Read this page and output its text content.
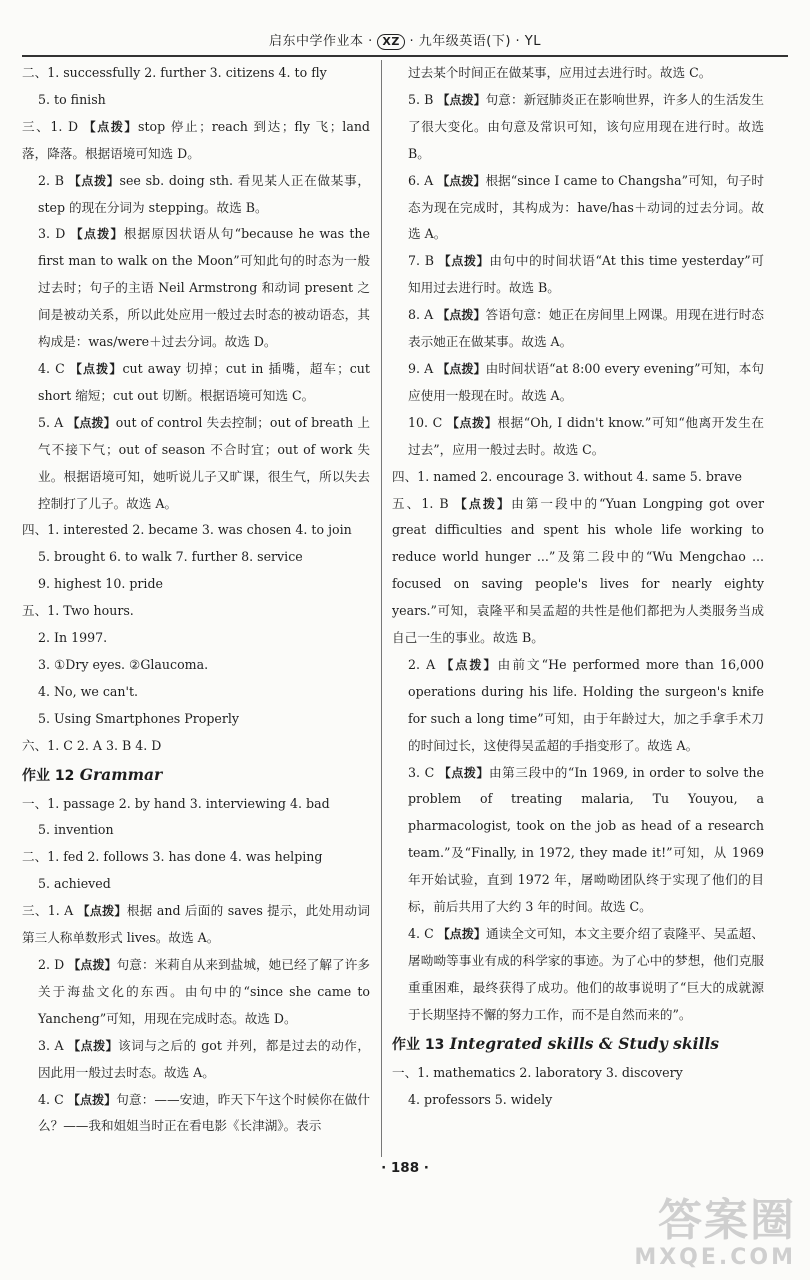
启东中学作业本 · XZ · 九年级英语(下) · YL

二、1. successfully 2. further 3. citizens 4. to fly

5. to finish

三、1. D 【点拨】stop 停止；reach 到达；fly 飞；land 落，降落。根据语境可知选 D。

2. B 【点拨】see sb. doing sth. 看见某人正在做某事，step 的现在分词为 stepping。故选 B。

3. D 【点拨】根据原因状语从句“because he was the first man to walk on the Moon”可知此句的时态为一般过去时；句子的主语 Neil Armstrong 和动词 present 之间是被动关系，所以此处应用一般过去时态的被动语态，其构成是：was/were＋过去分词。故选 D。

4. C 【点拨】cut away 切掉；cut in 插嘴，超车；cut short 缩短；cut out 切断。根据语境可知选 C。

5. A 【点拨】out of control 失去控制；out of breath 上气不接下气；out of season 不合时宜；out of work 失业。根据语境可知，她听说儿子又旷课，很生气，所以失去控制打了儿子。故选 A。

四、1. interested 2. became 3. was chosen 4. to join

5. brought 6. to walk 7. further 8. service

9. highest 10. pride

五、1. Two hours.

2. In 1997.

3. ①Dry eyes. ②Glaucoma.

4. No, we can't.

5. Using Smartphones Properly

六、1. C 2. A 3. B 4. D

作业 12 Grammar

一、1. passage 2. by hand 3. interviewing 4. bad

5. invention

二、1. fed 2. follows 3. has done 4. was helping

5. achieved

三、1. A 【点拨】根据 and 后面的 saves 提示，此处用动词第三人称单数形式 lives。故选 A。

2. D 【点拨】句意：米莉自从来到盐城，她已经了解了许多关于海盐文化的东西。由句中的“since she came to Yancheng”可知，用现在完成时态。故选 D。

3. A 【点拨】该词与之后的 got 并列，都是过去的动作，因此用一般过去时态。故选 A。

4. C 【点拨】句意：——安迪，昨天下午这个时候你在做什么？——我和姐姐当时正在看电影《长津湖》。表示

过去某个时间正在做某事，应用过去进行时。故选 C。

5. B 【点拨】句意：新冠肺炎正在影响世界，许多人的生活发生了很大变化。由句意及常识可知，该句应用现在进行时。故选 B。

6. A 【点拨】根据“since I came to Changsha”可知，句子时态为现在完成时，其构成为：have/has＋动词的过去分词。故选 A。

7. B 【点拨】由句中的时间状语“At this time yesterday”可知用过去进行时。故选 B。

8. A 【点拨】答语句意：她正在房间里上网课。用现在进行时态表示她正在做某事。故选 A。

9. A 【点拨】由时间状语“at 8:00 every evening”可知，本句应使用一般现在时。故选 A。

10. C 【点拨】根据“Oh, I didn't know.”可知“他离开发生在过去”，应用一般过去时。故选 C。

四、1. named 2. encourage 3. without 4. same 5. brave

五、1. B 【点拨】由第一段中的“Yuan Longping got over great difficulties and spent his whole life working to reduce world hunger ...”及第二段中的“Wu Mengchao ... focused on saving people's lives for nearly eighty years.”可知，袁隆平和吴孟超的共性是他们都把为人类服务当成自己一生的事业。故选 B。

2. A 【点拨】由前文“He performed more than 16,000 operations during his life. Holding the surgeon's knife for such a long time”可知，由于年龄过大，加之手拿手术刀的时间过长，这使得吴孟超的手指变形了。故选 A。

3. C 【点拨】由第三段中的“In 1969, in order to solve the problem of treating malaria, Tu Youyou, a pharmacologist, took on the job as head of a research team.”及“Finally, in 1972, they made it!”可知，从 1969 年开始试验，直到 1972 年，屠呦呦团队终于实现了他们的目标，前后共用了大约 3 年的时间。故选 C。

4. C 【点拨】通读全文可知，本文主要介绍了袁隆平、吴孟超、屠呦呦等事业有成的科学家的事迹。为了心中的梦想，他们克服重重困难，最终获得了成功。他们的故事说明了“巨大的成就源于长期坚持不懈的努力工作，而不是自然而来的”。

作业 13 Integrated skills & Study skills

一、1. mathematics 2. laboratory 3. discovery

4. professors 5. widely

· 188 ·
答案圈
MXQE.COM
